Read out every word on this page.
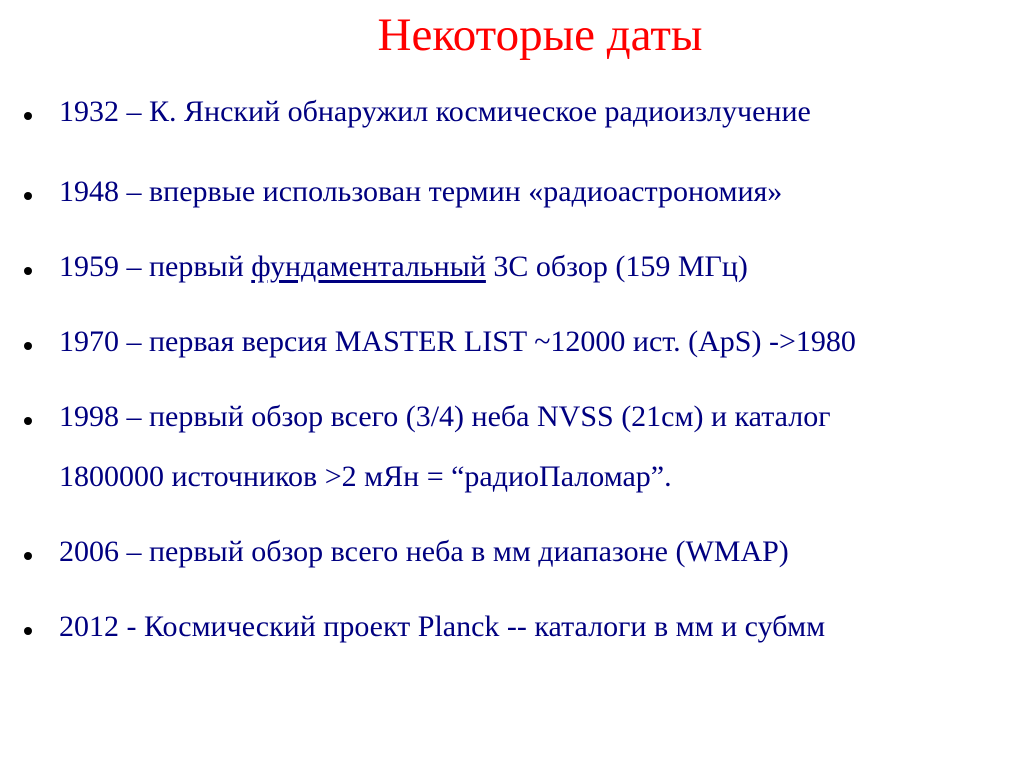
Некоторые даты
1932 – К. Янский обнаружил космическое радиоизлучение
1948 – впервые использован термин «радиоастрономия»
1959 – первый фундаментальный 3C обзор (159 МГц)
1970 – первая версия MASTER LIST ~12000 ист. (ApS) ->1980
1998 – первый обзор всего (3/4) неба NVSS (21см) и каталог
1800000 источников >2 мЯн = “радиоПаломар”.
2006 – первый обзор всего неба в мм диапазоне (WMAP)
2012 - Космический проект Planck -- каталоги в мм и субмм
